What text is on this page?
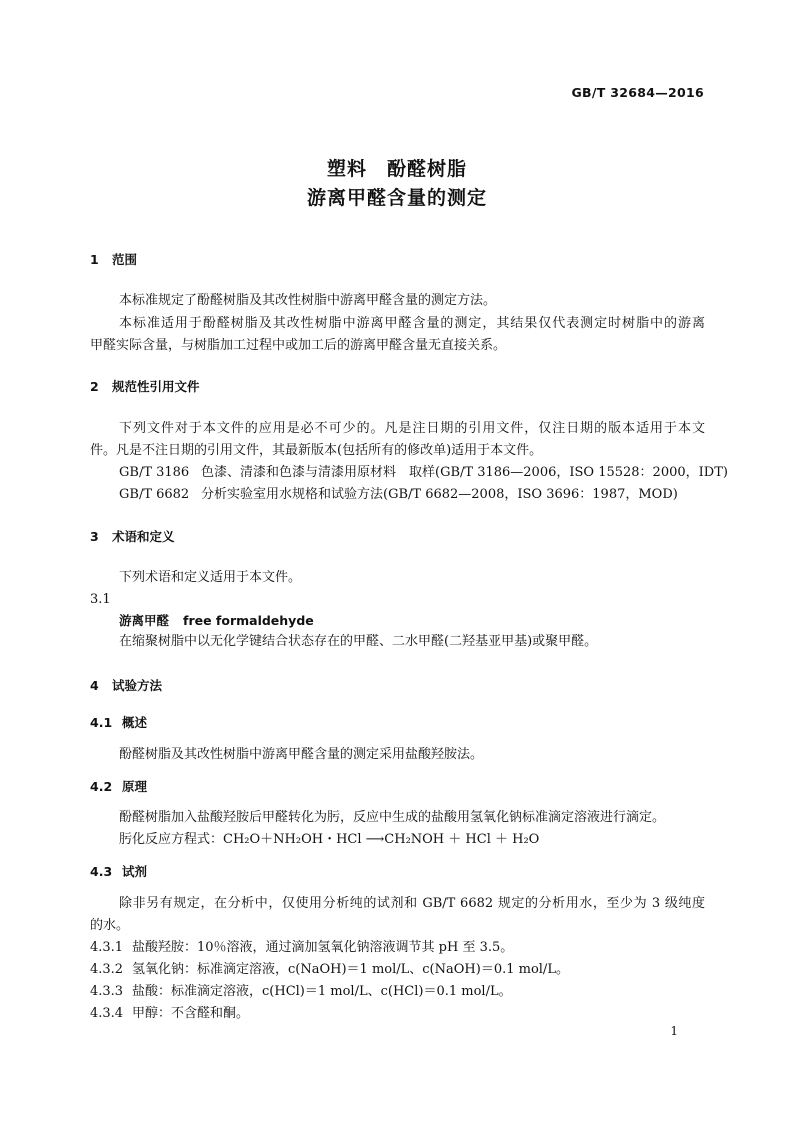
GB/T 32684—2016
塑料　酚醛树脂
游离甲醛含量的测定
1 范围
本标准规定了酚醛树脂及其改性树脂中游离甲醛含量的测定方法。
本标准适用于酚醛树脂及其改性树脂中游离甲醛含量的测定，其结果仅代表测定时树脂中的游离
甲醛实际含量，与树脂加工过程中或加工后的游离甲醛含量无直接关系。
2 规范性引用文件
下列文件对于本文件的应用是必不可少的。凡是注日期的引用文件，仅注日期的版本适用于本文
件。凡是不注日期的引用文件，其最新版本(包括所有的修改单)适用于本文件。
GB/T 3186 色漆、清漆和色漆与清漆用原材料　取样(GB/T 3186—2006，ISO 15528：2000，IDT)
GB/T 6682 分析实验室用水规格和试验方法(GB/T 6682—2008，ISO 3696：1987，MOD)
3 术语和定义
下列术语和定义适用于本文件。
3.1
游离甲醛 free formaldehyde
在缩聚树脂中以无化学键结合状态存在的甲醛、二水甲醛(二羟基亚甲基)或聚甲醛。
4 试验方法
4.1 概述
酚醛树脂及其改性树脂中游离甲醛含量的测定采用盐酸羟胺法。
4.2 原理
酚醛树脂加入盐酸羟胺后甲醛转化为肟，反应中生成的盐酸用氢氧化钠标准滴定溶液进行滴定。
肟化反应方程式：CH₂O＋NH₂OH・HCl ⟶CH₂NOH ＋ HCl ＋ H₂O
4.3 试剂
除非另有规定，在分析中，仅使用分析纯的试剂和 GB/T 6682 规定的分析用水，至少为 3 级纯度
的水。
4.3.1 盐酸羟胺：10％溶液，通过滴加氢氧化钠溶液调节其 pH 至 3.5。
4.3.2 氢氧化钠：标准滴定溶液，c(NaOH)＝1 mol/L、c(NaOH)＝0.1 mol/L。
4.3.3 盐酸：标准滴定溶液，c(HCl)＝1 mol/L、c(HCl)＝0.1 mol/L。
4.3.4 甲醇：不含醛和酮。
1
